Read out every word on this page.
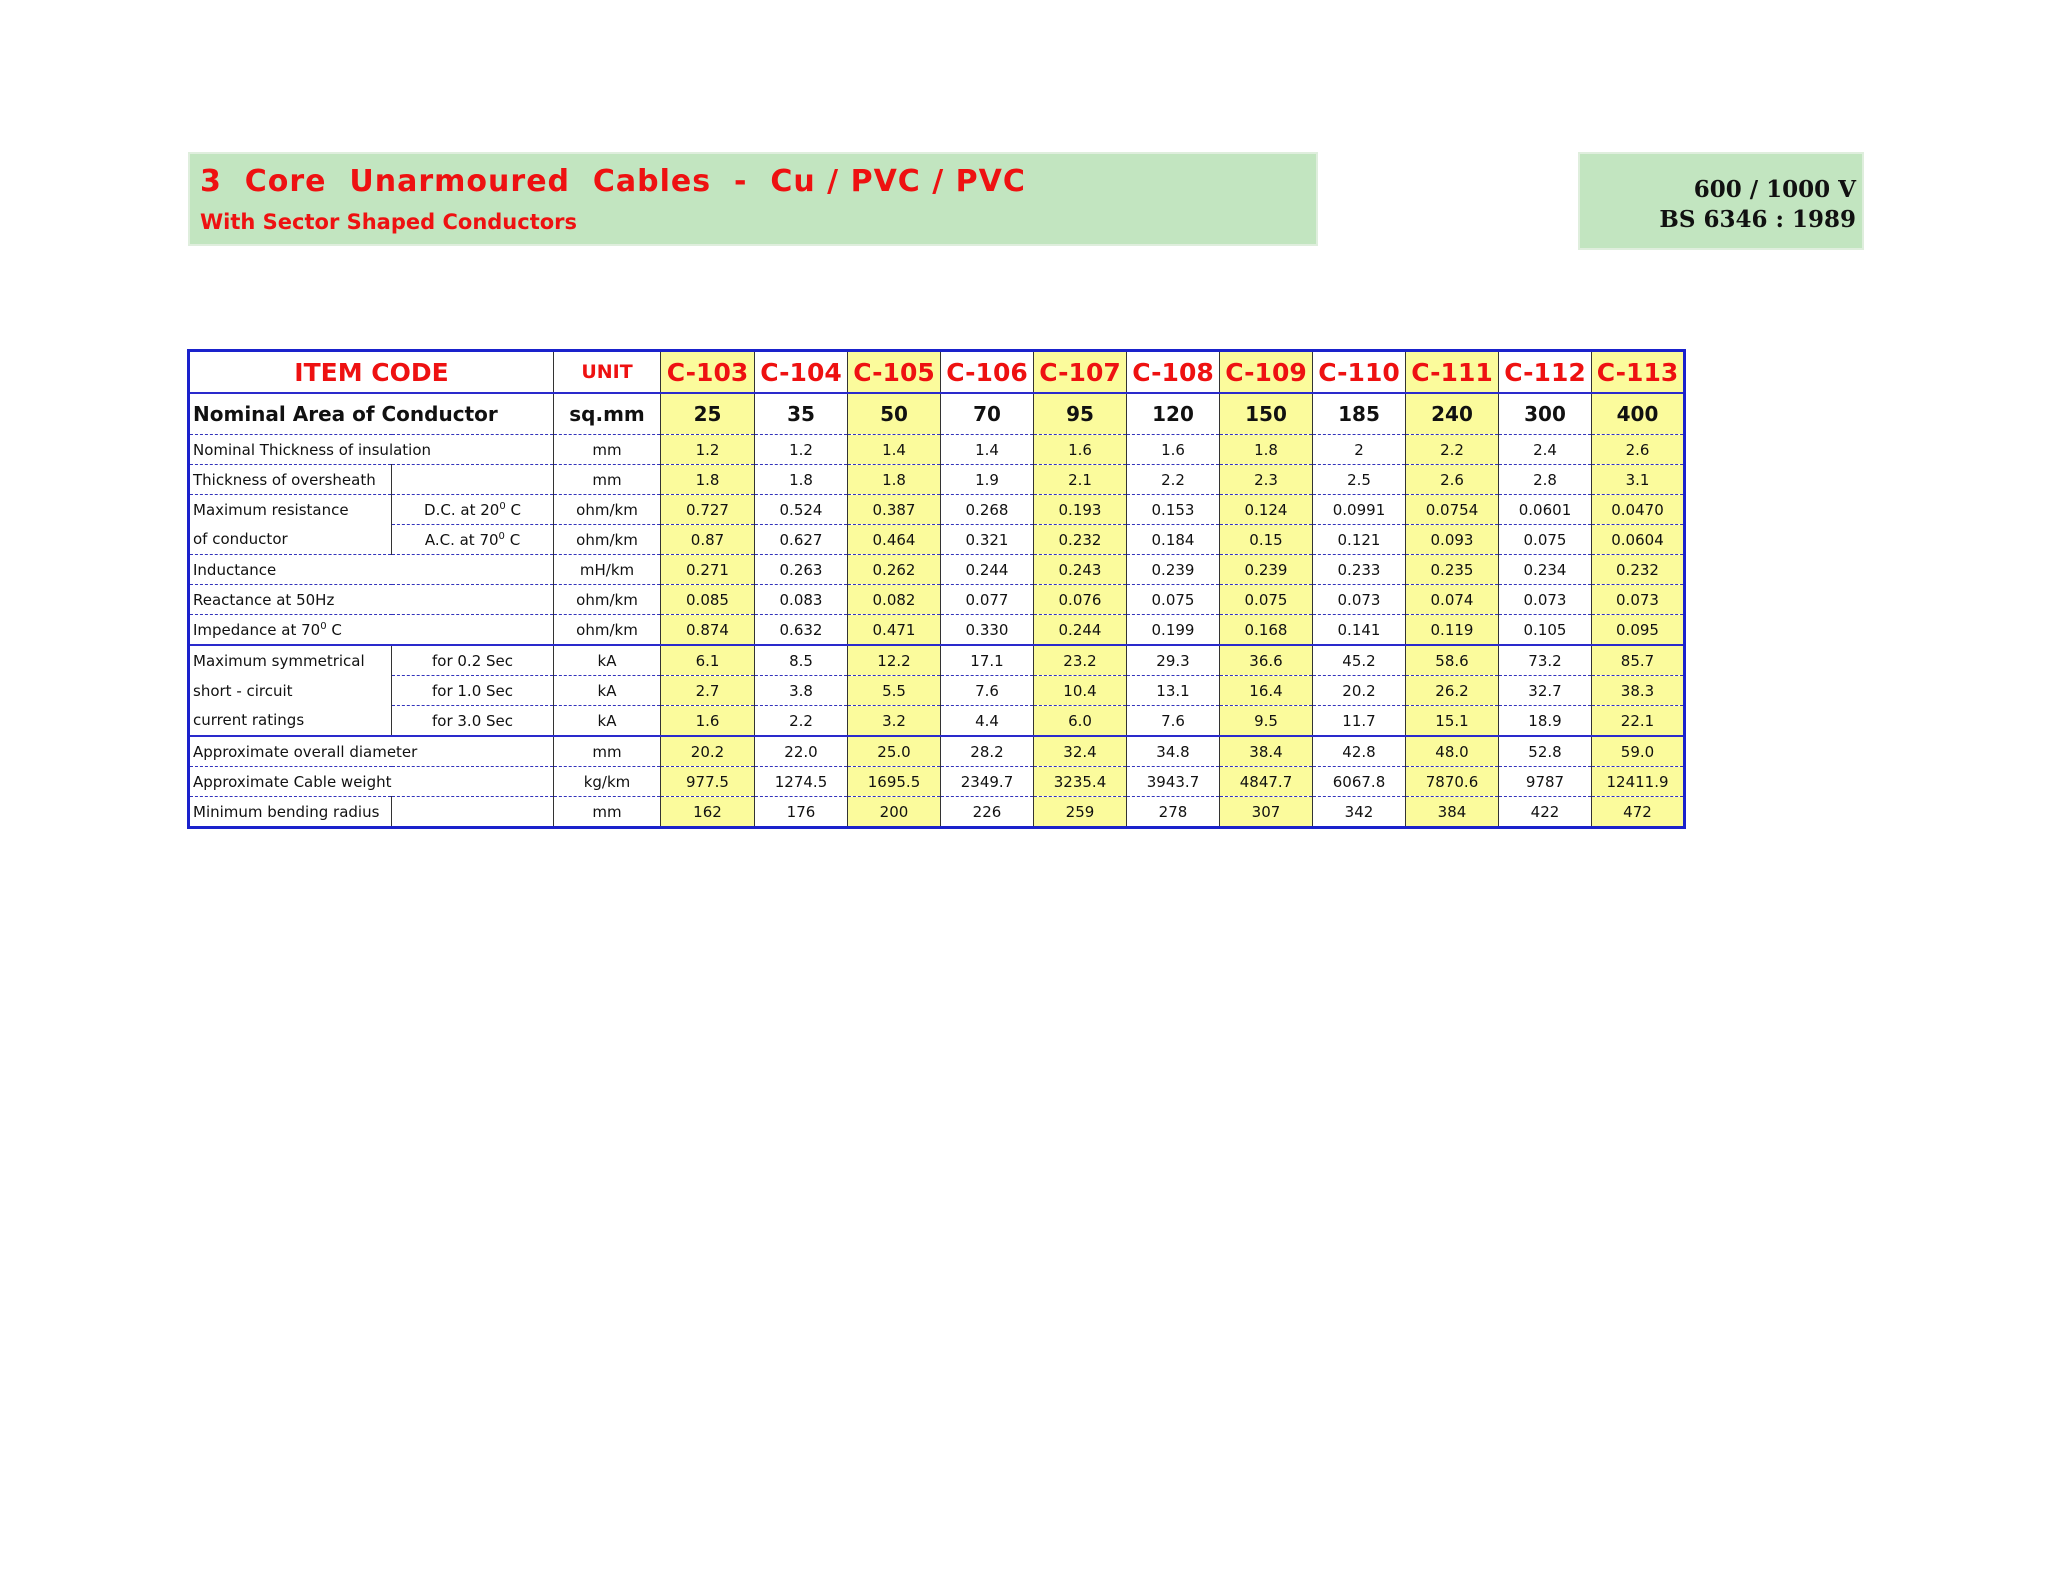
3  Core  Unarmoured  Cables  -  Cu / PVC / PVC
With Sector Shaped Conductors
600 / 1000 V
BS 6346 : 1989
ITEM CODE		UNIT	C-103	C-104	C-105	C-106	C-107	C-108	C-109	C-110	C-111	C-112	C-113
Nominal Area of Conductor		sq.mm	25	35	50	70	95	120	150	185	240	300	400
Nominal Thickness of insulation		mm	1.2	1.2	1.4	1.4	1.6	1.6	1.8	2	2.2	2.4	2.6
Thickness of oversheath		mm	1.8	1.8	1.8	1.9	2.1	2.2	2.3	2.5	2.6	2.8	3.1
Maximum resistance	D.C. at $20^0$ C	ohm/km	0.727	0.524	0.387	0.268	0.193	0.153	0.124	0.0991	0.0754	0.0601	0.0470
of conductor	A.C. at $70^0$ C	ohm/km	0.87	0.627	0.464	0.321	0.232	0.184	0.15	0.121	0.093	0.075	0.0604
Inductance		mH/km	0.271	0.263	0.262	0.244	0.243	0.239	0.239	0.233	0.235	0.234	0.232
Reactance at 50Hz		ohm/km	0.085	0.083	0.082	0.077	0.076	0.075	0.075	0.073	0.074	0.073	0.073
Impedance at $70^0$ C		ohm/km	0.874	0.632	0.471	0.330	0.244	0.199	0.168	0.141	0.119	0.105	0.095
Maximum symmetrical	for 0.2 Sec	kA	6.1	8.5	12.2	17.1	23.2	29.3	36.6	45.2	58.6	73.2	85.7
short - circuit	for 1.0 Sec	kA	2.7	3.8	5.5	7.6	10.4	13.1	16.4	20.2	26.2	32.7	38.3
current ratings	for 3.0 Sec	kA	1.6	2.2	3.2	4.4	6.0	7.6	9.5	11.7	15.1	18.9	22.1
Approximate overall diameter		mm	20.2	22.0	25.0	28.2	32.4	34.8	38.4	42.8	48.0	52.8	59.0
Approximate Cable weight		kg/km	977.5	1274.5	1695.5	2349.7	3235.4	3943.7	4847.7	6067.8	7870.6	9787	12411.9
Minimum bending radius		mm	162	176	200	226	259	278	307	342	384	422	472
